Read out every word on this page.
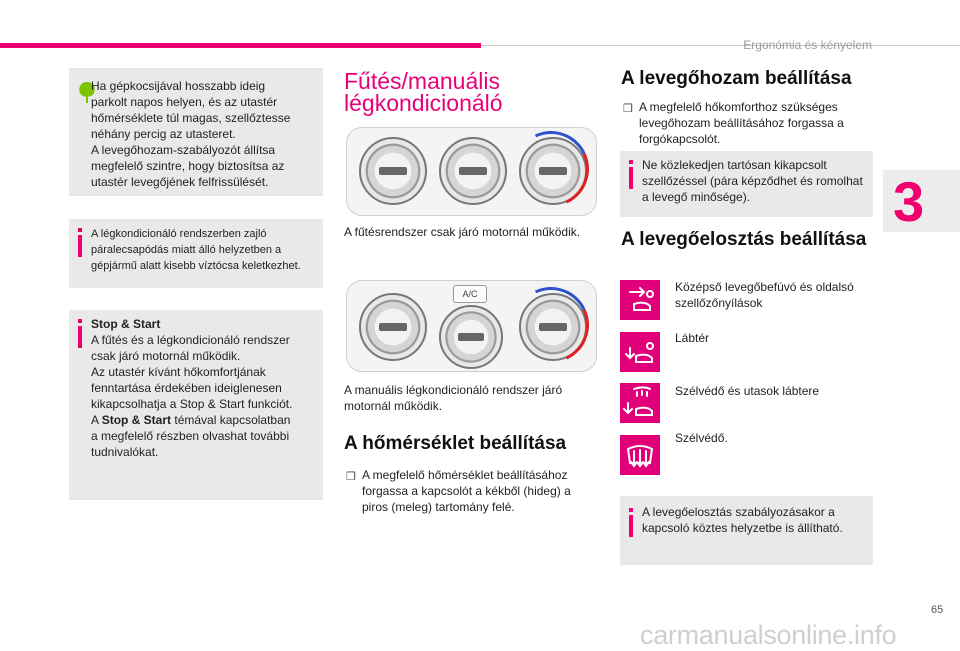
Ergonómia és kényelem
3
Ha gépkocsijával hosszabb ideig
parkolt napos helyen, és az utastér
hőmérséklete túl magas, szellőztesse
néhány percig az utasteret.
A levegőhozam-szabályozót állítsa
megfelelő szintre, hogy biztosítsa az
utastér levegőjének felfrissülését.
A légkondicionáló rendszerben zajló
páralecsapódás miatt álló helyzetben a
gépjármű alatt kisebb víztócsa keletkezhet.
Stop & Start
A fűtés és a légkondicionáló rendszer
csak járó motornál működik.
Az utastér kívánt hőkomfortjának
fenntartása érdekében ideiglenesen
kikapcsolhatja a Stop & Start funkciót.
A Stop & Start témával kapcsolatban
a megfelelő részben olvashat további
tudnivalókat.
Fűtés/manuális
légkondicionáló
A fűtésrendszer csak járó motornál működik.
A/C
A manuális légkondicionáló rendszer járó
motornál működik.
A hőmérséklet beállítása
❒ A megfelelő hőmérséklet beállításához
forgassa a kapcsolót a kékből (hideg) a
piros (meleg) tartomány felé.
A levegőhozam beállítása
❒ A megfelelő hőkomforthoz szükséges
levegőhozam beállításához forgassa a
forgókapcsolót.
Ne közlekedjen tartósan kikapcsolt
szellőzéssel (pára képződhet és romolhat
a levegő minősége).
A levegőelosztás beállítása
Középső levegőbefúvó és oldalsó
szellőzőnyílások
Lábtér
Szélvédő és utasok lábtere
Szélvédő.
A levegőelosztás szabályozásakor a
kapcsoló köztes helyzetbe is állítható.
65
carmanualsonline.info
